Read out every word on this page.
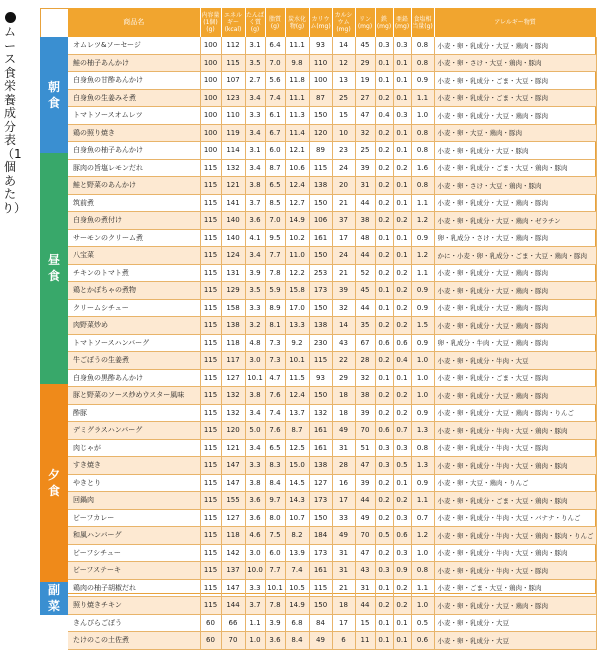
ムース食栄養成分表（1個あたり）
朝食
昼食
夕食
副菜
商品名	内容量(1個)(g)	エネルギー(kcal)	たんぱく質(g)	脂質(g)	炭水化物(g)	カリウム(mg)	カルシウム(mg)	リン(mg)	鉄(mg)	亜鉛(mg)	食塩相当量(g)	アレルギー物質
オムレツ&ソーセージ	100	112	3.1	6.4	11.1	93	14	45	0.3	0.3	0.8	小麦・卵・乳成分・大豆・鶏肉・豚肉
鮭の柚子あんかけ	100	115	3.5	7.0	9.8	110	12	29	0.1	0.1	0.8	小麦・卵・さけ・大豆・鶏肉・豚肉
白身魚の甘酢あんかけ	100	107	2.7	5.6	11.8	100	13	19	0.1	0.1	0.9	小麦・卵・乳成分・ごま・大豆・豚肉
白身魚の生姜みそ煮	100	123	3.4	7.4	11.1	87	25	27	0.2	0.1	1.1	小麦・卵・乳成分・ごま・大豆・豚肉
トマトソースオムレツ	100	110	3.3	6.1	11.3	150	15	47	0.4	0.3	1.0	小麦・卵・乳成分・大豆・鶏肉・豚肉
鶏の照り焼き	100	119	3.4	6.7	11.4	120	10	32	0.2	0.1	0.8	小麦・卵・大豆・鶏肉・豚肉
白身魚の柚子あんかけ	100	114	3.1	6.0	12.1	89	23	25	0.2	0.1	0.8	小麦・卵・乳成分・大豆・豚肉
豚肉の旨塩レモンだれ	115	132	3.4	8.7	10.6	115	24	39	0.2	0.2	1.6	小麦・卵・乳成分・ごま・大豆・鶏肉・豚肉
鮭と野菜のあんかけ	115	121	3.8	6.5	12.4	138	20	31	0.2	0.1	0.8	小麦・卵・さけ・大豆・鶏肉・豚肉
筑前煮	115	141	3.7	8.5	12.7	150	21	44	0.2	0.1	1.1	小麦・卵・乳成分・大豆・鶏肉・豚肉
白身魚の煮付け	115	140	3.6	7.0	14.9	106	37	38	0.2	0.2	1.2	小麦・卵・乳成分・大豆・鶏肉・ゼラチン
サーモンのクリーム煮	115	140	4.1	9.5	10.2	161	17	48	0.1	0.1	0.9	卵・乳成分・さけ・大豆・鶏肉・豚肉
八宝菜	115	124	3.4	7.7	11.0	150	24	44	0.2	0.1	1.2	かに・小麦・卵・乳成分・ごま・大豆・鶏肉・豚肉
チキンのトマト煮	115	131	3.9	7.8	12.2	253	21	52	0.2	0.2	1.1	小麦・卵・乳成分・大豆・鶏肉・豚肉
鶏とかぼちゃの煮物	115	129	3.5	5.9	15.8	173	39	45	0.1	0.2	0.9	小麦・卵・乳成分・大豆・鶏肉・豚肉
クリームシチュー	115	158	3.3	8.9	17.0	150	32	44	0.1	0.2	0.9	小麦・卵・乳成分・大豆・鶏肉・豚肉
肉野菜炒め	115	138	3.2	8.1	13.3	138	14	35	0.2	0.2	1.5	小麦・卵・乳成分・大豆・鶏肉・豚肉
トマトソースハンバーグ	115	118	4.8	7.3	9.2	230	43	67	0.6	0.6	0.9	卵・乳成分・牛肉・大豆・鶏肉・豚肉
牛ごぼうの生姜煮	115	117	3.0	7.3	10.1	115	22	28	0.2	0.4	1.0	小麦・卵・乳成分・牛肉・大豆
白身魚の黒酢あんかけ	115	127	10.1	4.7	11.5	93	29	32	0.1	0.1	1.0	小麦・卵・乳成分・ごま・大豆・豚肉
豚と野菜のソース炒めウスター風味	115	132	3.8	7.6	12.4	150	18	38	0.2	0.2	1.0	小麦・卵・乳成分・大豆・鶏肉・豚肉
酢豚	115	132	3.4	7.4	13.7	132	18	39	0.2	0.2	0.9	小麦・卵・乳成分・大豆・鶏肉・豚肉・りんご
デミグラスハンバーグ	115	120	5.0	7.6	8.7	161	49	70	0.6	0.7	1.3	小麦・卵・乳成分・牛肉・大豆・鶏肉・豚肉
肉じゃが	115	121	3.4	6.5	12.5	161	31	51	0.3	0.3	0.8	小麦・卵・乳成分・牛肉・大豆・豚肉
すき焼き	115	147	3.3	8.3	15.0	138	28	47	0.3	0.5	1.3	小麦・卵・乳成分・牛肉・大豆・鶏肉・豚肉
やきとり	115	147	3.8	8.4	14.5	127	16	39	0.2	0.1	0.9	小麦・卵・大豆・鶏肉・りんご
回鍋肉	115	155	3.6	9.7	14.3	173	17	44	0.2	0.2	1.1	小麦・卵・乳成分・ごま・大豆・鶏肉・豚肉
ビーフカレー	115	127	3.6	8.0	10.7	150	33	49	0.2	0.3	0.7	小麦・卵・乳成分・牛肉・大豆・バナナ・りんご
和風ハンバーグ	115	118	4.6	7.5	8.2	184	49	70	0.5	0.6	1.2	小麦・卵・乳成分・牛肉・大豆・鶏肉・豚肉・りんご
ビーフシチュー	115	142	3.0	6.0	13.9	173	31	47	0.2	0.3	1.0	小麦・卵・乳成分・牛肉・大豆・鶏肉・豚肉
ビーフステーキ	115	137	10.0	7.7	7.4	161	31	43	0.3	0.9	0.8	小麦・卵・乳成分・牛肉・大豆・豚肉
鶏肉の柚子胡椒だれ	115	147	3.3	10.1	10.5	115	21	31	0.1	0.2	1.1	小麦・卵・ごま・大豆・鶏肉・豚肉
照り焼きチキン	115	144	3.7	7.8	14.9	150	18	44	0.2	0.2	1.0	小麦・卵・乳成分・大豆・鶏肉・豚肉
きんぴらごぼう	60	66	1.1	3.9	6.8	84	17	15	0.1	0.1	0.5	小麦・卵・乳成分・大豆
たけのこの土佐煮	60	70	1.0	3.6	8.4	49	6	11	0.1	0.1	0.6	小麦・卵・乳成分・大豆
